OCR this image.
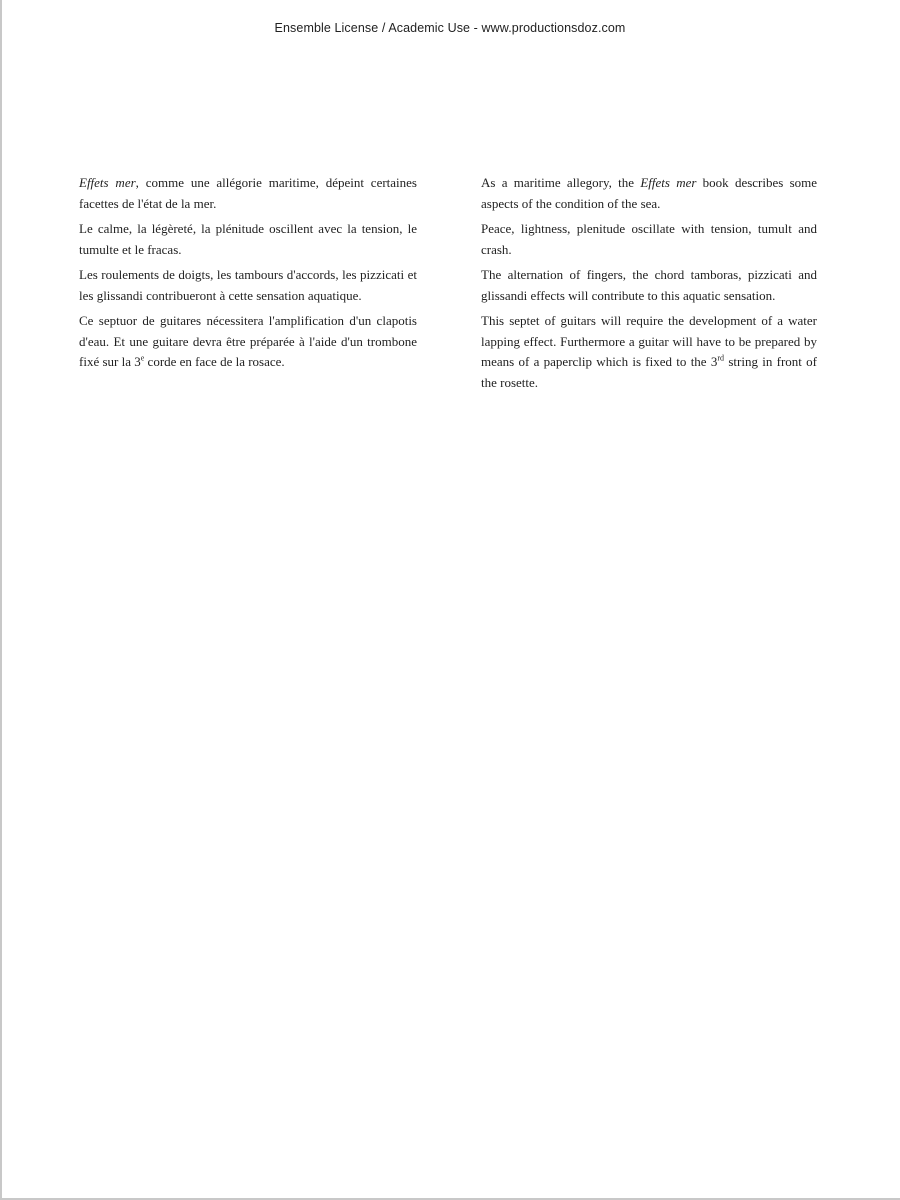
Ensemble License / Academic Use - www.productionsdoz.com

Effets mer, comme une allégorie maritime, dépeint certaines facettes de l'état de la mer.

Le calme, la légèreté, la plénitude oscillent avec la tension, le tumulte et le fracas.

Les roulements de doigts, les tambours d'accords, les pizzicati et les glissandi contribueront à cette sensation aquatique.

Ce septuor de guitares nécessitera l'amplification d'un clapotis d'eau. Et une guitare devra être préparée à l'aide d'un trombone fixé sur la 3e corde en face de la rosace.

As a maritime allegory, the Effets mer book describes some aspects of the condition of the sea.

Peace, lightness, plenitude oscillate with tension, tumult and crash.

The alternation of fingers, the chord tamboras, pizzicati and glissandi effects will contribute to this aquatic sensation.

This septet of guitars will require the development of a water lapping effect. Furthermore a guitar will have to be prepared by means of a paperclip which is fixed to the 3rd string in front of the rosette.
